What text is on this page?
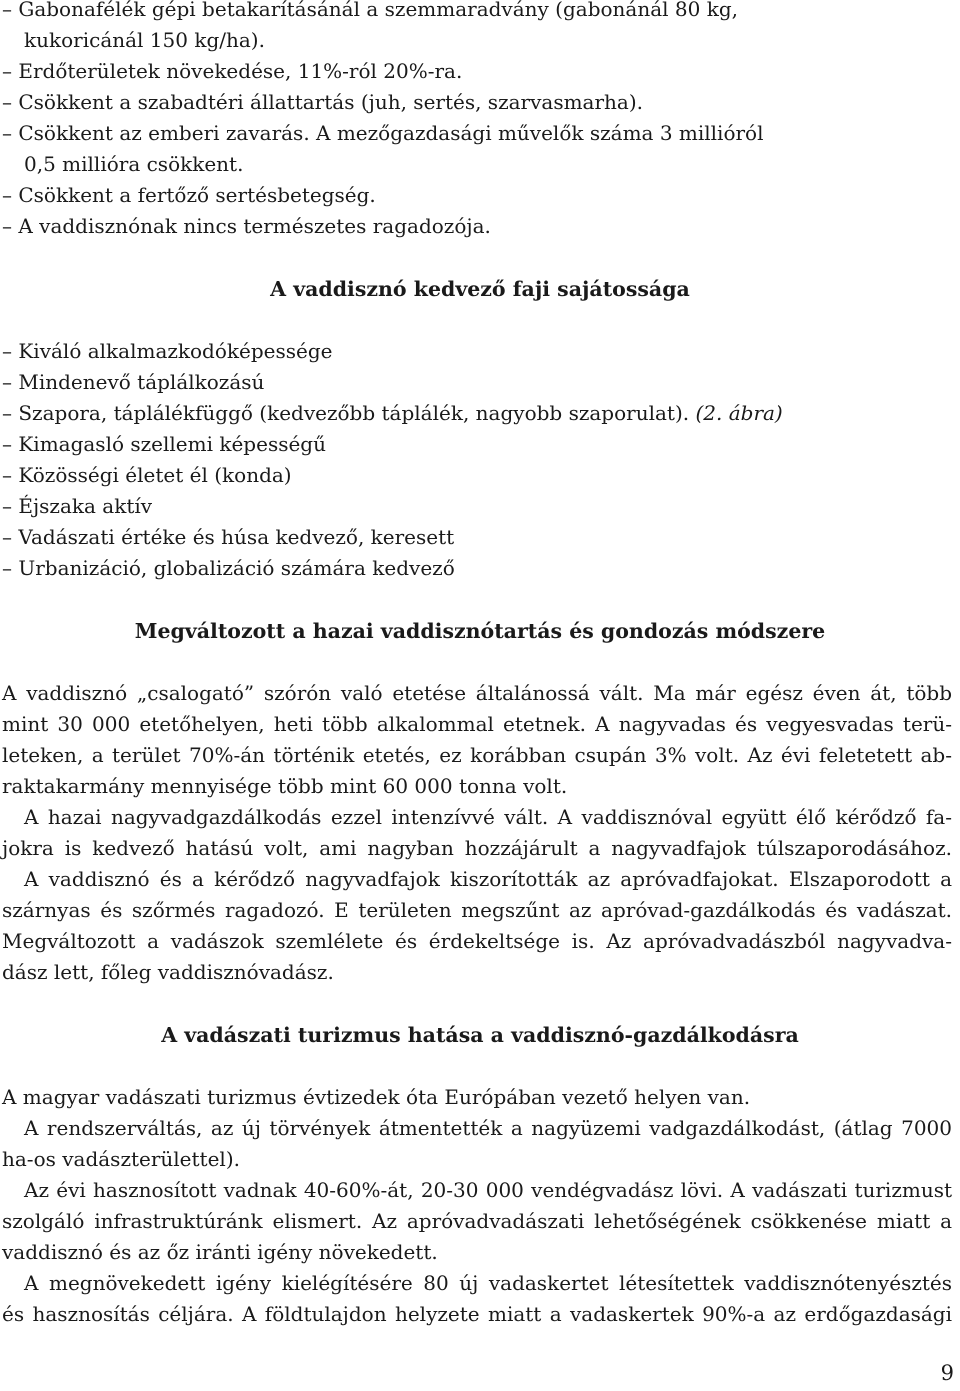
– Gabonafélék gépi betakarításánál a szemmaradvány (gabonánál 80 kg,
kukoricánál 150 kg/ha).
– Erdőterületek növekedése, 11%-ról 20%-ra.
– Csökkent a szabadtéri állattartás (juh, sertés, szarvasmarha).
– Csökkent az emberi zavarás. A mezőgazdasági művelők száma 3 millióról
0,5 millióra csökkent.
– Csökkent a fertőző sertésbetegség.
– A vaddisznónak nincs természetes ragadozója.
A vaddisznó kedvező faji sajátossága
– Kiváló alkalmazkodóképessége
– Mindenevő táplálkozású
– Szapora, táplálékfüggő (kedvezőbb táplálék, nagyobb szaporulat). (2. ábra)
– Kimagasló szellemi képességű
– Közösségi életet él (konda)
– Éjszaka aktív
– Vadászati értéke és húsa kedvező, keresett
– Urbanizáció, globalizáció számára kedvező
Megváltozott a hazai vaddisznótartás és gondozás módszere
A vaddisznó „csalogató” szórón való etetése általánossá vált. Ma már egész éven át, több
mint 30 000 etetőhelyen, heti több alkalommal etetnek. A nagyvadas és vegyesvadas terü-
leteken, a terület 70%-án történik etetés, ez korábban csupán 3% volt. Az évi feletetett ab-
raktakarmány mennyisége több mint 60 000 tonna volt.
A hazai nagyvadgazdálkodás ezzel intenzívvé vált. A vaddisznóval együtt élő kérődző fa-
jokra is kedvező hatású volt, ami nagyban hozzájárult a nagyvadfajok túlszaporodásához.
A vaddisznó és a kérődző nagyvadfajok kiszorították az apróvadfajokat. Elszaporodott a
szárnyas és szőrmés ragadozó. E területen megszűnt az apróvad-gazdálkodás és vadászat.
Megváltozott a vadászok szemlélete és érdekeltsége is. Az apróvadvadászból nagyvadva-
dász lett, főleg vaddisznóvadász.
A vadászati turizmus hatása a vaddisznó-gazdálkodásra
A magyar vadászati turizmus évtizedek óta Európában vezető helyen van.
A rendszerváltás, az új törvények átmentették a nagyüzemi vadgazdálkodást, (átlag 7000
ha-os vadászterülettel).
Az évi hasznosított vadnak 40-60%-át, 20-30 000 vendégvadász lövi. A vadászati turizmust
szolgáló infrastruktúránk elismert. Az apróvadvadászati lehetőségének csökkenése miatt a
vaddisznó és az őz iránti igény növekedett.
A megnövekedett igény kielégítésére 80 új vadaskertet létesítettek vaddisznótenyésztés
és hasznosítás céljára. A földtulajdon helyzete miatt a vadaskertek 90%-a az erdőgazdasági
9
